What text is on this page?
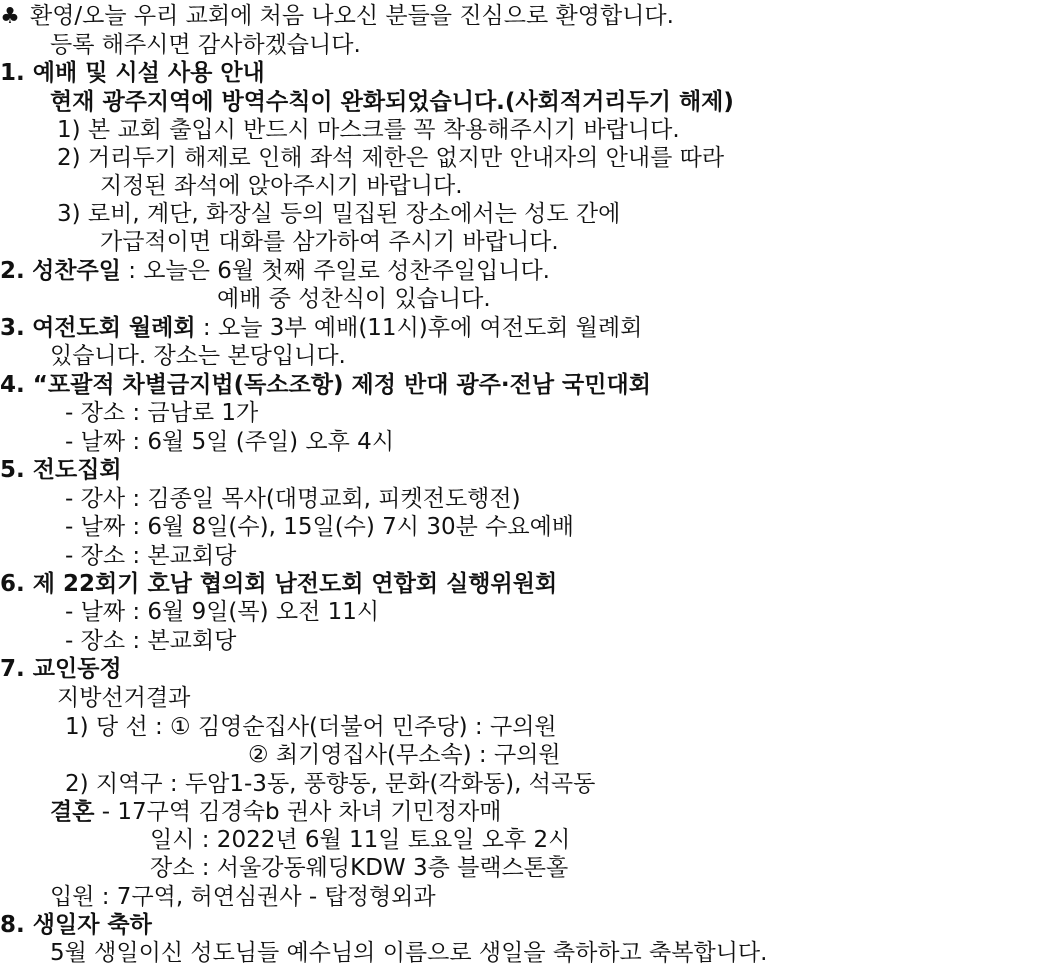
♣ 환영/오늘 우리 교회에 처음 나오신 분들을 진심으로 환영합니다.
등록 해주시면 감사하겠습니다.
1. 예배 및 시설 사용 안내
현재 광주지역에 방역수칙이 완화되었습니다.(사회적거리두기 해제)
1) 본 교회 출입시 반드시 마스크를 꼭 착용해주시기 바랍니다.
2) 거리두기 해제로 인해 좌석 제한은 없지만 안내자의 안내를 따라
지정된 좌석에 앉아주시기 바랍니다.
3) 로비, 계단, 화장실 등의 밀집된 장소에서는 성도 간에
가급적이면 대화를 삼가하여 주시기 바랍니다.
2. 성찬주일 : 오늘은 6월 첫째 주일로 성찬주일입니다.
예배 중 성찬식이 있습니다.
3. 여전도회 월례회 : 오늘 3부 예배(11시)후에 여전도회 월례회
있습니다. 장소는 본당입니다.
4. “포괄적 차별금지법(독소조항) 제정 반대 광주·전남 국민대회
- 장소 : 금남로 1가
- 날짜 : 6월 5일 (주일) 오후 4시
5. 전도집회
- 강사 : 김종일 목사(대명교회, 피켓전도행전)
- 날짜 : 6월 8일(수), 15일(수) 7시 30분 수요예배
- 장소 : 본교회당
6. 제 22회기 호남 협의회 남전도회 연합회 실행위원회
- 날짜 : 6월 9일(목) 오전 11시
- 장소 : 본교회당
7. 교인동정
지방선거결과
1) 당 선 : ① 김영순집사(더불어 민주당) : 구의원
② 최기영집사(무소속) : 구의원
2) 지역구 : 두암1-3동, 풍향동, 문화(각화동), 석곡동
결혼 - 17구역 김경숙b 권사 차녀 기민정자매
일시 : 2022년 6월 11일 토요일 오후 2시
장소 : 서울강동웨딩KDW 3층 블랙스톤홀
입원 : 7구역, 허연심권사 - 탑정형외과
8. 생일자 축하
5월 생일이신 성도님들 예수님의 이름으로 생일을 축하하고 축복합니다.
